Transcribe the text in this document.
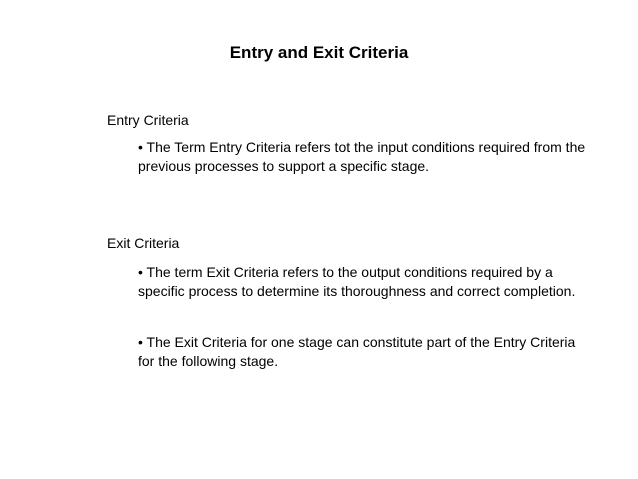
Entry and Exit Criteria
Entry Criteria
• The Term Entry Criteria refers tot the input conditions required from the previous processes to support a specific stage.
Exit Criteria
• The term Exit Criteria refers to the output conditions required by a specific process to determine its thoroughness and correct completion.
• The Exit Criteria for one stage can constitute part of the Entry Criteria for the following stage.
